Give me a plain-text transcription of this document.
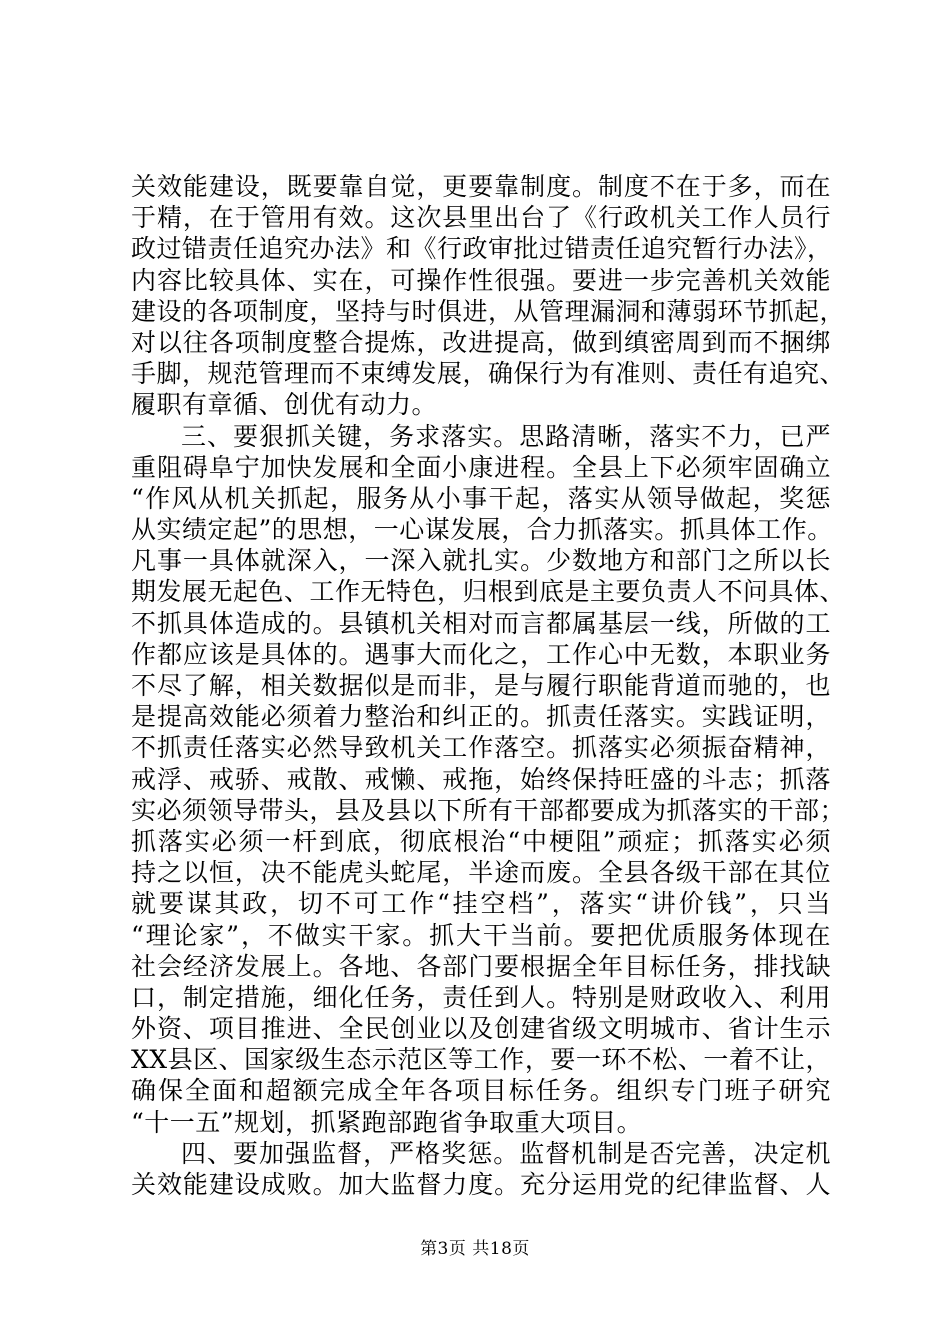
关效能建设，既要靠自觉，更要靠制度。制度不在于多，而在
于精，在于管用有效。这次县里出台了《行政机关工作人员行
政过错责任追究办法》和《行政审批过错责任追究暂行办法》，
内容比较具体、实在，可操作性很强。要进一步完善机关效能
建设的各项制度，坚持与时俱进，从管理漏洞和薄弱环节抓起，
对以往各项制度整合提炼，改进提高，做到缜密周到而不捆绑
手脚，规范管理而不束缚发展，确保行为有准则、责任有追究、
履职有章循、创优有动力。
三、要狠抓关键，务求落实。思路清晰，落实不力，已严
重阻碍阜宁加快发展和全面小康进程。全县上下必须牢固确立
“作风从机关抓起，服务从小事干起，落实从领导做起，奖惩
从实绩定起”的思想，一心谋发展，合力抓落实。抓具体工作。
凡事一具体就深入，一深入就扎实。少数地方和部门之所以长
期发展无起色、工作无特色，归根到底是主要负责人不问具体、
不抓具体造成的。县镇机关相对而言都属基层一线，所做的工
作都应该是具体的。遇事大而化之，工作心中无数，本职业务
不尽了解，相关数据似是而非，是与履行职能背道而驰的，也
是提高效能必须着力整治和纠正的。抓责任落实。实践证明，
不抓责任落实必然导致机关工作落空。抓落实必须振奋精神，
戒浮、戒骄、戒散、戒懒、戒拖，始终保持旺盛的斗志；抓落
实必须领导带头，县及县以下所有干部都要成为抓落实的干部；
抓落实必须一杆到底，彻底根治“中梗阻”顽症；抓落实必须
持之以恒，决不能虎头蛇尾，半途而废。全县各级干部在其位
就要谋其政，切不可工作“挂空档”，落实“讲价钱”，只当
“理论家”，不做实干家。抓大干当前。要把优质服务体现在
社会经济发展上。各地、各部门要根据全年目标任务，排找缺
口，制定措施，细化任务，责任到人。特别是财政收入、利用
外资、项目推进、全民创业以及创建省级文明城市、省计生示
XX县区、国家级生态示范区等工作，要一环不松、一着不让，
确保全面和超额完成全年各项目标任务。组织专门班子研究
“十一五”规划，抓紧跑部跑省争取重大项目。
四、要加强监督，严格奖惩。监督机制是否完善，决定机
关效能建设成败。加大监督力度。充分运用党的纪律监督、人
第3页 共18页
